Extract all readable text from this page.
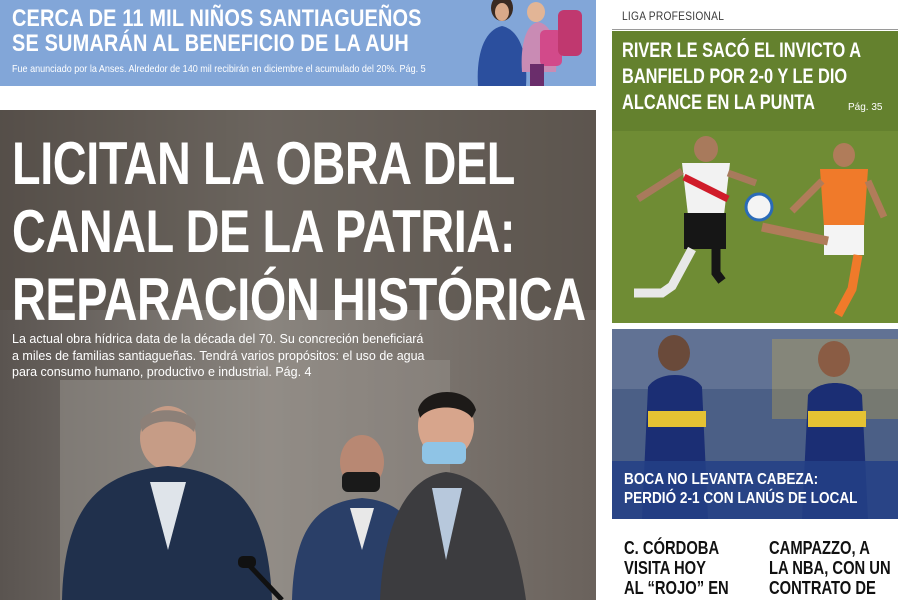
CERCA DE 11 MIL NIÑOS SANTIAGUEÑOS
SE SUMARÁN AL BENEFICIO DE LA AUH
Fue anunciado por la Anses. Alrededor de 140 mil recibirán en diciembre el acumulado del 20%. Pág. 5
LICITAN LA OBRA DEL
CANAL DE LA PATRIA:
REPARACIÓN HISTÓRICA
La actual obra hídrica data de la década del 70. Su concreción beneficiará
a miles de familias santiagueñas. Tendrá varios propósitos: el uso de agua
para consumo humano, productivo e industrial. Pág. 4
LIGA PROFESIONAL
RIVER LE SACÓ EL INVICTO A
BANFIELD POR 2-0 Y LE DIO
ALCANCE EN LA PUNTA	Pág. 35
BOCA NO LEVANTA CABEZA:
PERDIÓ 2-1 CON LANÚS DE LOCAL
C. CÓRDOBA
VISITA HOY
AL “ROJO” EN
CAMPAZZO, A
LA NBA, CON UN
CONTRATO DE
